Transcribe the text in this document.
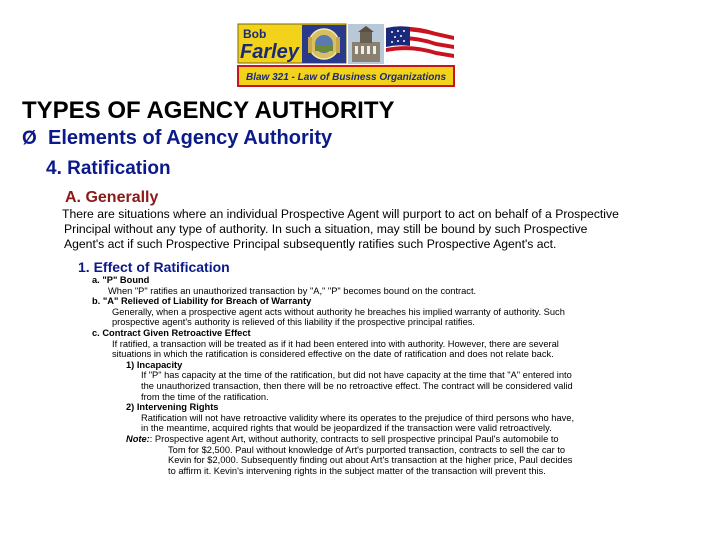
Bob
Farley
Blaw 321 - Law of Business Organizations
TYPES OF AGENCY AUTHORITY
Ø Elements of Agency Authority
4. Ratification
A. Generally
There are situations where an individual Prospective Agent will purport to act on behalf of a Prospective
Principal without any type of authority. In such a situation, may still be bound by such Prospective
Agent's act if such Prospective Principal subsequently ratifies such Prospective Agent's act.
1. Effect of Ratification
a. "P" Bound
When "P" ratifies an unauthorized transaction by "A," "P" becomes bound on the contract.
b. "A" Relieved of Liability for Breach of Warranty
Generally, when a prospective agent acts without authority he breaches his implied warranty of authority. Such
prospective agent's authority is relieved of this liability if the prospective principal ratifies.
c. Contract Given Retroactive Effect
If ratified, a transaction will be treated as if it had been entered into with authority. However, there are several
situations in which the ratification is considered effective on the date of ratification and does not relate back.
1) Incapacity
If "P" has capacity at the time of the ratification, but did not have capacity at the time that "A" entered into
the unauthorized transaction, then there will be no retroactive effect. The contract will be considered valid
from the time of the ratification.
2) Intervening Rights
Ratification will not have retroactive validity where its operates to the prejudice of third persons who have,
in the meantime, acquired rights that would be jeopardized if the transaction were valid retroactively.
Note:: Prospective agent Art, without authority, contracts to sell prospective principal Paul's automobile to
Tom for $2,500. Paul without knowledge of Art's purported transaction, contracts to sell the car to
Kevin for $2,000. Subsequently finding out about Art's transaction at the higher price, Paul decides
to affirm it. Kevin's intervening rights in the subject matter of the transaction will prevent this.
